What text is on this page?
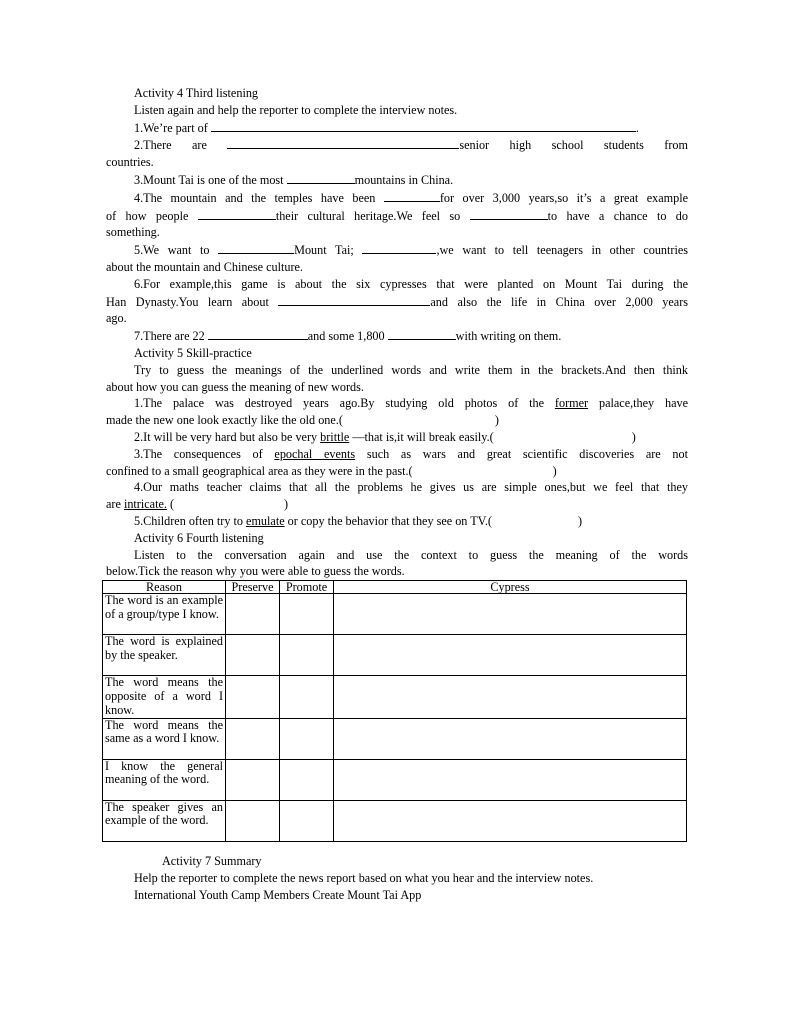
Activity 4 Third listening

Listen again and help the reporter to complete the interview notes.

1.We’re part of	.

2.There are	senior high school students from

countries.

3.Mount Tai is one of the most	mountains in China.

4.The mountain and the temples have been	for over 3,000 years,so it’s a great example

of how people	their cultural heritage.We feel so	to have a chance to do

something.

5.We want to	Mount Tai;	,we want to tell teenagers in other countries

about the mountain and Chinese culture.

6.For example,this game is about the six cypresses that were planted on Mount Tai during the

Han Dynasty.You learn about	and also the life in China over 2,000 years

ago.

7.There are 22	and some 1,800	with writing on them.

Activity 5 Skill-practice

Try to guess the meanings of the underlined words and write them in the brackets.And then think

about how you can guess the meaning of new words.

1.The palace was destroyed years ago.By studying old photos of the former palace,they have

made the new one look exactly like the old one.(	)

2.It will be very hard but also be very brittle —that is,it will break easily.(	)

3.The consequences of epochal events such as wars and great scientific discoveries are not

confined to a small geographical area as they were in the past.(	)

4.Our maths teacher claims that all the problems he gives us are simple ones,but we feel that they

are intricate. (	)

5.Children often try to emulate or copy the behavior that they see on TV.(	)

Activity 6 Fourth listening

Listen to the conversation again and use the context to guess the meaning of the words

below.Tick the reason why you were able to guess the words.

Reason	Preserve	Promote	Cypress
The word is an example of a group/type I know.			
The word is explained by the speaker.			
The word means the opposite of a word I know.			
The word means the same as a word I know.			
I know the general meaning of the word.			
The speaker gives an example of the word.			

Activity 7 Summary

Help the reporter to complete the news report based on what you hear and the interview notes.

International Youth Camp Members Create Mount Tai App
